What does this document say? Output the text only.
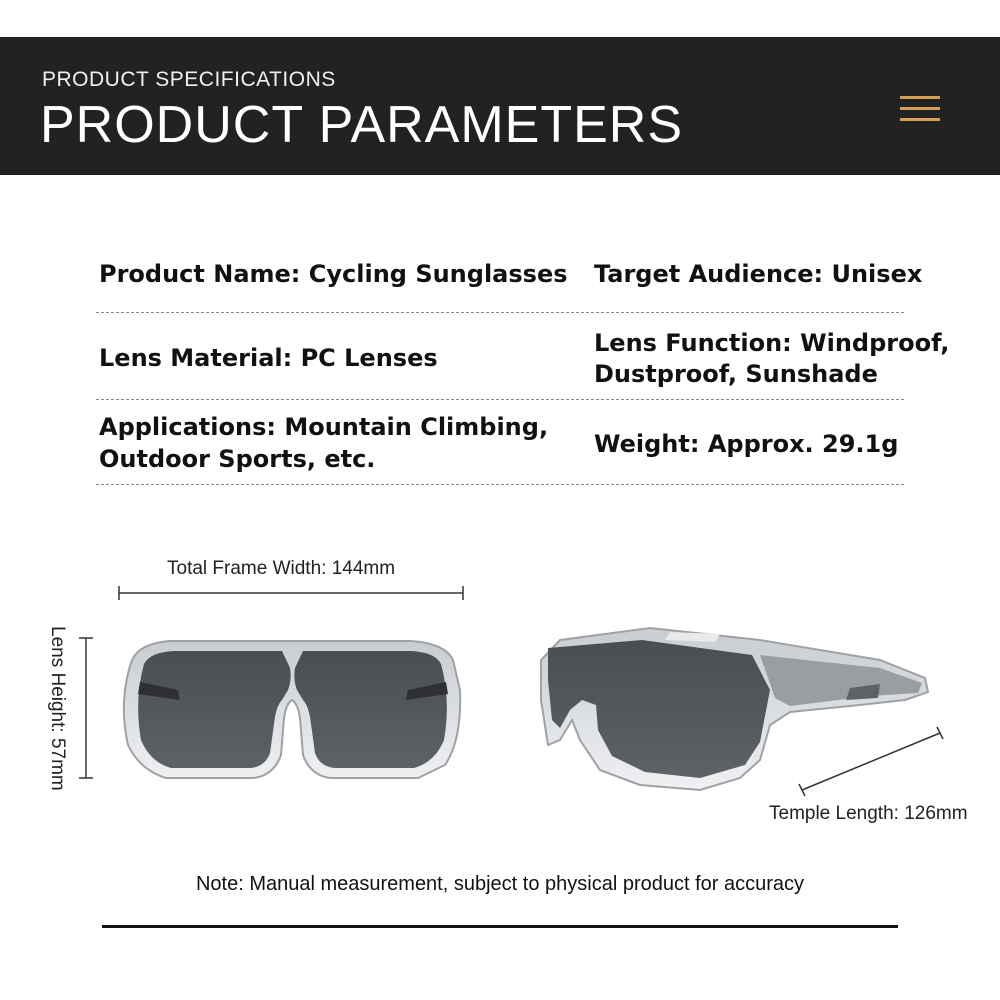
PRODUCT SPECIFICATIONS
PRODUCT PARAMETERS
Product Name: Cycling Sunglasses Target Audience: Unisex
Lens Material: PC Lenses
Lens Function: Windproof,
Dustproof, Sunshade
Applications: Mountain Climbing,
Outdoor Sports, etc.
Weight: Approx. 29.1g
Total Frame Width: 144mm
Lens Height: 57mm
Temple Length: 126mm
Note: Manual measurement, subject to physical product for accuracy
